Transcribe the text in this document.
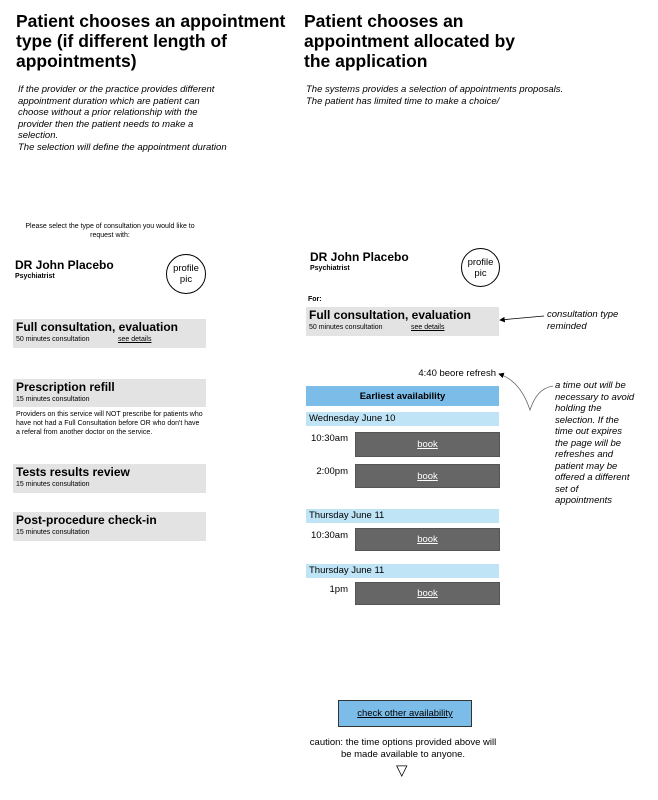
Patient chooses an appointment
type (if different length of
appointments)
If the provider or the practice provides different
appointment duration which are patient can
choose without a prior relationship with the
provider then the patient needs to make a
selection.
The selection will define the appointment duration
Please select the type of consultation you would like to
request with:
DR John Placebo
Psychiatrist
profile
pic
Full consultation, evaluation
50 minutes consultation	see details
Prescription refill
15 minutes consultation
Providers on this service will NOT prescribe for patients who
have not had a Full Consultation before OR who don't have
a referal from another doctor on the service.
Tests results review
15 minutes consultation
Post-procedure check-in
15 minutes consultation
Patient chooses an
appointment allocated by
the application
The systems provides a selection of appointments proposals.
The patient has limited time to make a choice/
DR John Placebo
Psychiatrist
profile
pic
For:
Full consultation, evaluation
50 minutes consultation	see details
4:40 beore refresh
Earliest availability
Wednesday June 10
10:30am
book
2:00pm	book
Thursday June 11
10:30am	book
Thursday June 11
1pm	book
check other availability
caution: the time options provided above will
be made available to anyone.
▽
consultation type
reminded
a time out will be
necessary to avoid
holding the
selection. If the
time out expires
the page will be
refreshes and
patient may be
offered a different
set of
appointments
